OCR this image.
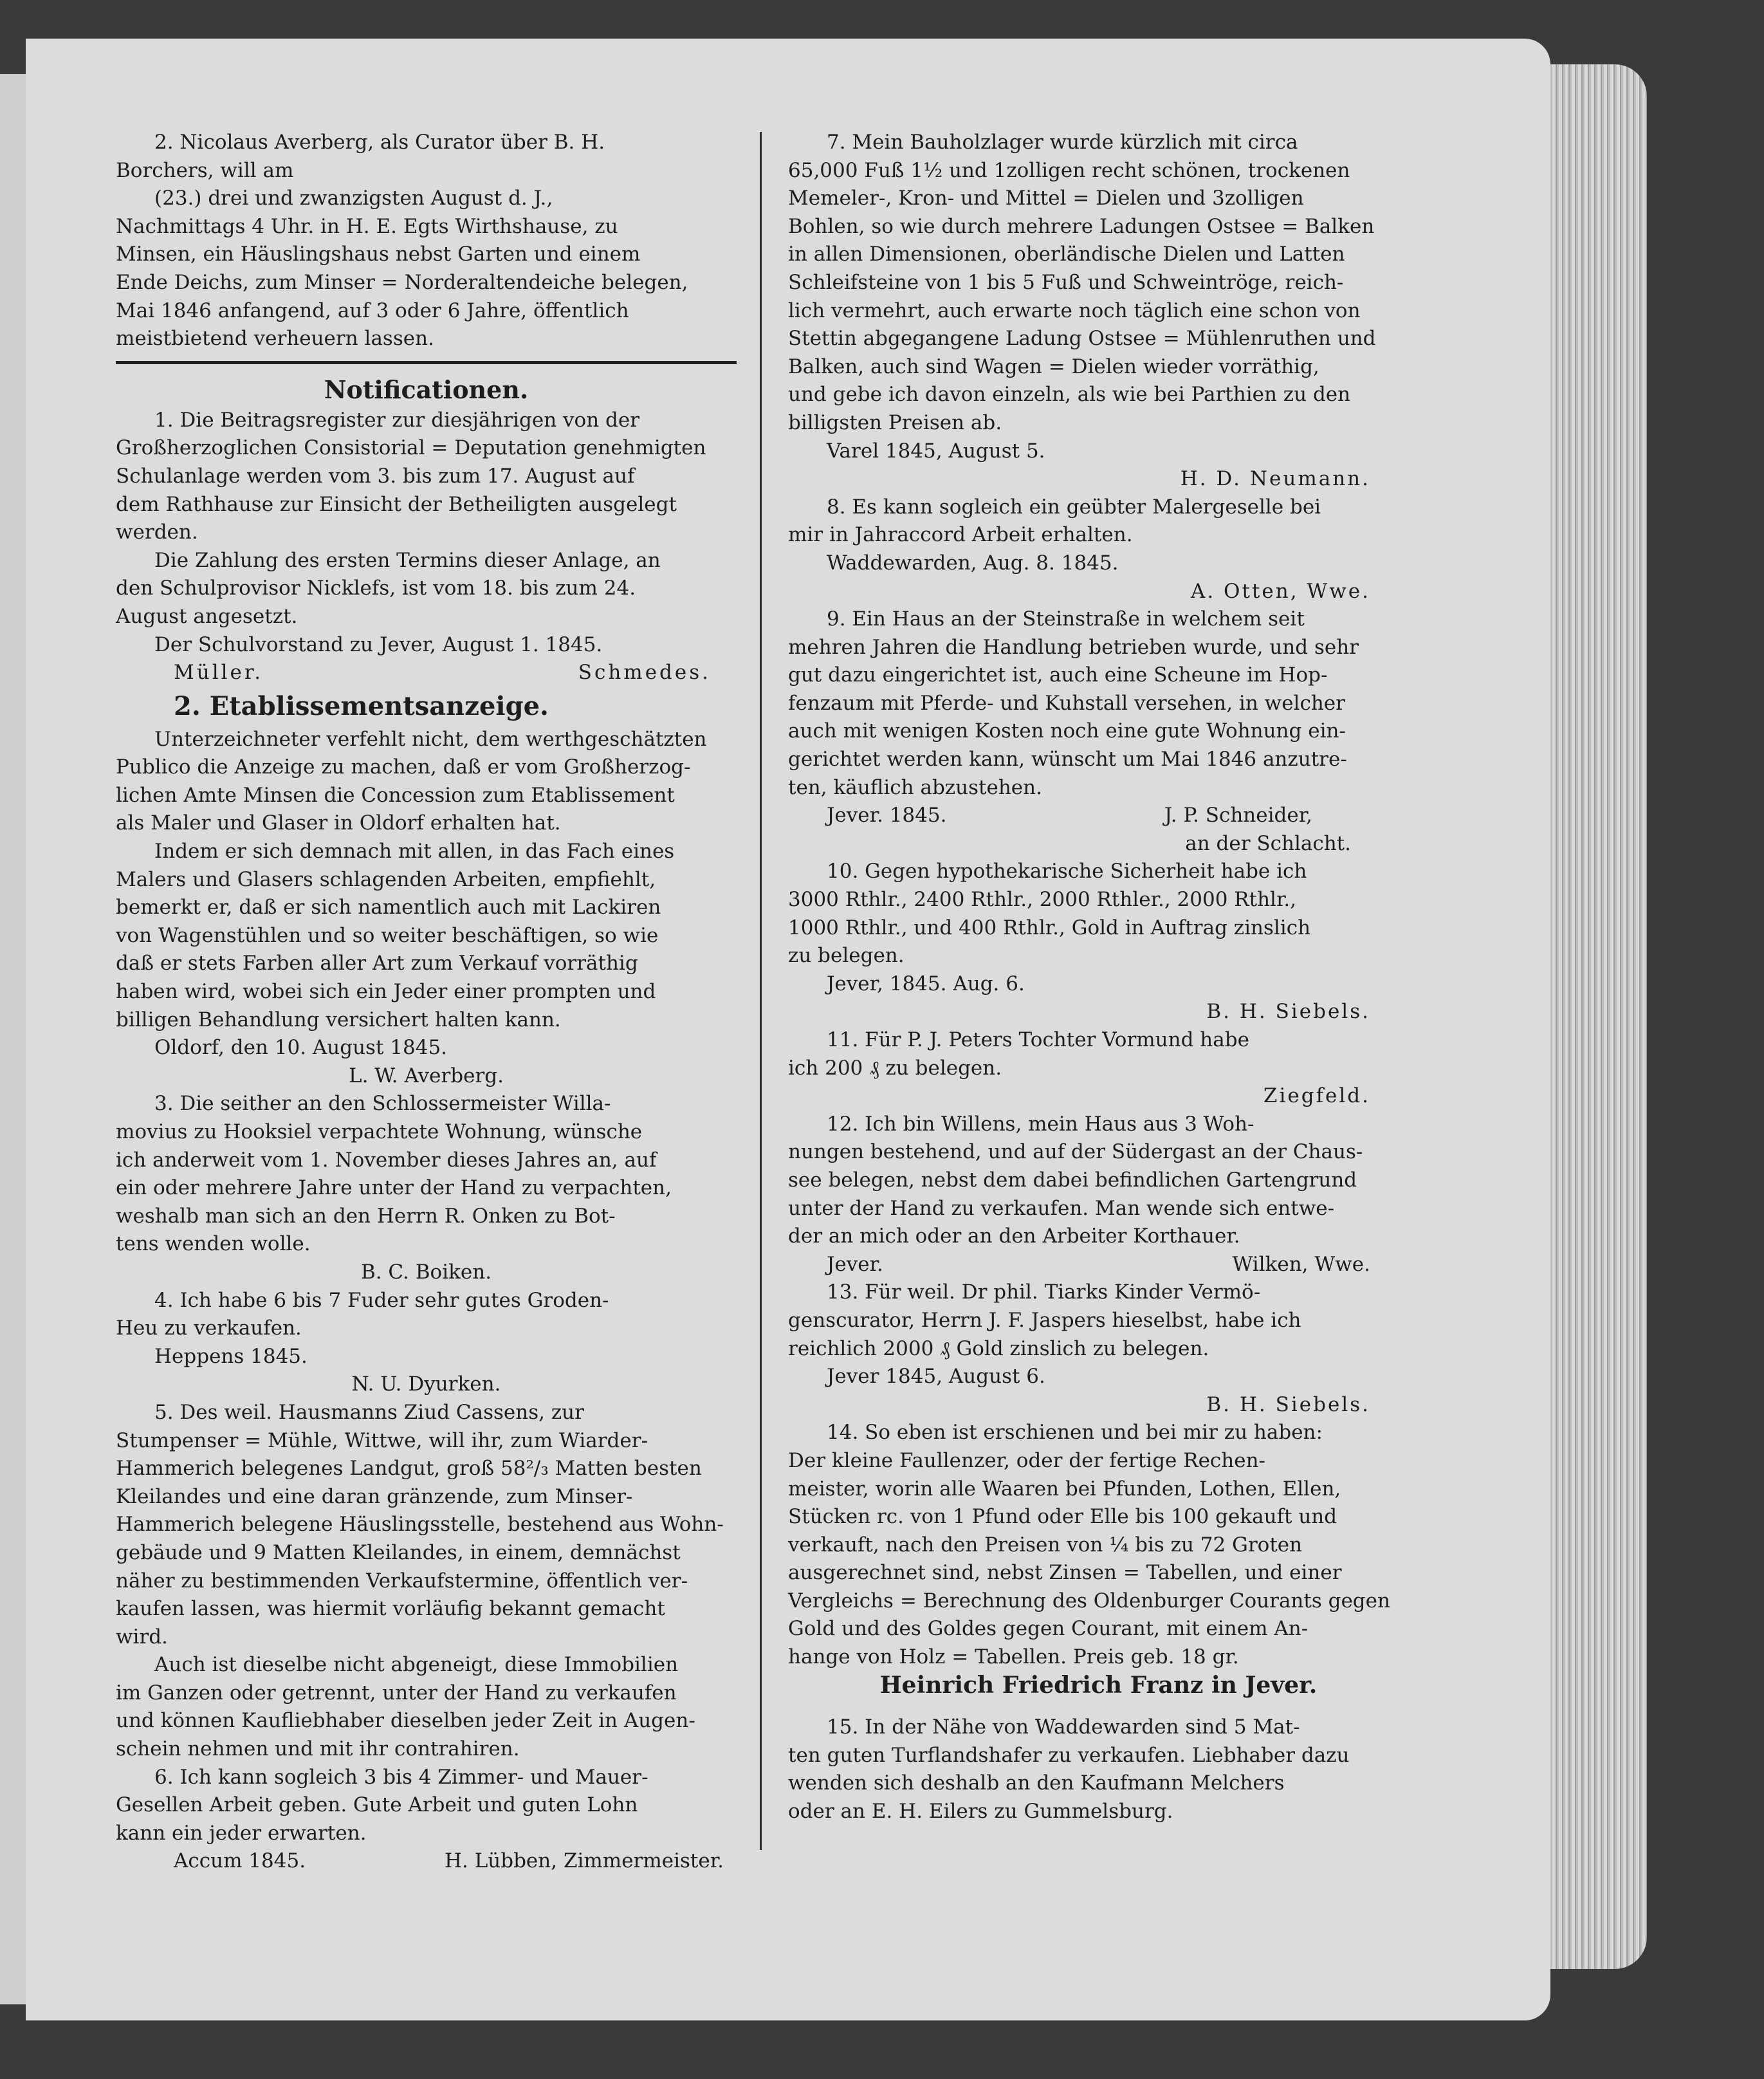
2. Nicolaus Averberg, als Curator über B. H.
Borchers, will am
(23.) drei und zwanzigsten August d. J.,
Nachmittags 4 Uhr. in H. E. Egts Wirthshause, zu
Minsen, ein Häuslingshaus nebst Garten und einem
Ende Deichs, zum Minser = Norderaltendeiche belegen,
Mai 1846 anfangend, auf 3 oder 6 Jahre, öffentlich
meistbietend verheuern lassen.

Notificationen.

1. Die Beitragsregister zur diesjährigen von der
Großherzoglichen Consistorial = Deputation genehmigten
Schulanlage werden vom 3. bis zum 17. August auf
dem Rathhause zur Einsicht der Betheiligten ausgelegt
werden.
Die Zahlung des ersten Termins dieser Anlage, an
den Schulprovisor Nicklefs, ist vom 18. bis zum 24.
August angesetzt.
Der Schulvorstand zu Jever, August 1. 1845.
Müller.	Schmedes.

2. Etablissementsanzeige.

Unterzeichneter verfehlt nicht, dem werthgeschätzten
Publico die Anzeige zu machen, daß er vom Großherzog-
lichen Amte Minsen die Concession zum Etablissement
als Maler und Glaser in Oldorf erhalten hat.
Indem er sich demnach mit allen, in das Fach eines
Malers und Glasers schlagenden Arbeiten, empfiehlt,
bemerkt er, daß er sich namentlich auch mit Lackiren
von Wagenstühlen und so weiter beschäftigen, so wie
daß er stets Farben aller Art zum Verkauf vorräthig
haben wird, wobei sich ein Jeder einer prompten und
billigen Behandlung versichert halten kann.
Oldorf, den 10. August 1845.

L. W. Averberg.

3. Die seither an den Schlossermeister Willa-
movius zu Hooksiel verpachtete Wohnung, wünsche
ich anderweit vom 1. November dieses Jahres an, auf
ein oder mehrere Jahre unter der Hand zu verpachten,
weshalb man sich an den Herrn R. Onken zu Bot-
tens wenden wolle.

B. C. Boiken.

4. Ich habe 6 bis 7 Fuder sehr gutes Groden-
Heu zu verkaufen.
Heppens 1845.

N. U. Dyurken.

5. Des weil. Hausmanns Ziud Cassens, zur
Stumpenser = Mühle, Wittwe, will ihr, zum Wiarder-
Hammerich belegenes Landgut, groß 58²/₃ Matten besten
Kleilandes und eine daran gränzende, zum Minser-
Hammerich belegene Häuslingsstelle, bestehend aus Wohn-
gebäude und 9 Matten Kleilandes, in einem, demnächst
näher zu bestimmenden Verkaufstermine, öffentlich ver-
kaufen lassen, was hiermit vorläufig bekannt gemacht
wird.
Auch ist dieselbe nicht abgeneigt, diese Immobilien
im Ganzen oder getrennt, unter der Hand zu verkaufen
und können Kaufliebhaber dieselben jeder Zeit in Augen-
schein nehmen und mit ihr contrahiren.
6. Ich kann sogleich 3 bis 4 Zimmer- und Mauer-
Gesellen Arbeit geben. Gute Arbeit und guten Lohn
kann ein jeder erwarten.
Accum 1845.	H. Lübben, Zimmermeister.
7. Mein Bauholzlager wurde kürzlich mit circa
65,000 Fuß 1½ und 1zolligen recht schönen, trockenen
Memeler-, Kron- und Mittel = Dielen und 3zolligen
Bohlen, so wie durch mehrere Ladungen Ostsee = Balken
in allen Dimensionen, oberländische Dielen und Latten
Schleifsteine von 1 bis 5 Fuß und Schweintröge, reich-
lich vermehrt, auch erwarte noch täglich eine schon von
Stettin abgegangene Ladung Ostsee = Mühlenruthen und
Balken, auch sind Wagen = Dielen wieder vorräthig,
und gebe ich davon einzeln, als wie bei Parthien zu den
billigsten Preisen ab.
Varel 1845, August 5.

H. D. Neumann.

8. Es kann sogleich ein geübter Malergeselle bei
mir in Jahraccord Arbeit erhalten.
Waddewarden, Aug. 8. 1845.

A. Otten, Wwe.

9. Ein Haus an der Steinstraße in welchem seit
mehren Jahren die Handlung betrieben wurde, und sehr
gut dazu eingerichtet ist, auch eine Scheune im Hop-
fenzaum mit Pferde- und Kuhstall versehen, in welcher
auch mit wenigen Kosten noch eine gute Wohnung ein-
gerichtet werden kann, wünscht um Mai 1846 anzutre-
ten, käuflich abzustehen.
Jever. 1845.	J. P. Schneider,

an der Schlacht.

10. Gegen hypothekarische Sicherheit habe ich
3000 Rthlr., 2400 Rthlr., 2000 Rthler., 2000 Rthlr.,
1000 Rthlr., und 400 Rthlr., Gold in Auftrag zinslich
zu belegen.
Jever, 1845. Aug. 6.

B. H. Siebels.

11. Für P. J. Peters Tochter Vormund habe
ich 200 ₰ zu belegen.

Ziegfeld.

12. Ich bin Willens, mein Haus aus 3 Woh-
nungen bestehend, und auf der Südergast an der Chaus-
see belegen, nebst dem dabei befindlichen Gartengrund
unter der Hand zu verkaufen. Man wende sich entwe-
der an mich oder an den Arbeiter Korthauer.
Jever.	Wilken, Wwe.
13. Für weil. Dr phil. Tiarks Kinder Vermö-
gensc​urator, Herrn J. F. Jaspers hieselbst, habe ich
reichlich 2000 ₰ Gold zinslich zu belegen.
Jever 1845, August 6.

B. H. Siebels.

14. So eben ist erschienen und bei mir zu haben:
Der kleine Faullenzer, oder der fertige Rechen-
meister, worin alle Waaren bei Pfunden, Lothen, Ellen,
Stücken rc. von 1 Pfund oder Elle bis 100 gekauft und
verkauft, nach den Preisen von ¼ bis zu 72 Groten
ausgerechnet sind, nebst Zinsen = Tabellen, und einer
Vergleichs = Berechnung des Oldenburger Courants gegen
Gold und des Goldes gegen Courant, mit einem An-
hange von Holz = Tabellen. Preis geb. 18 gr.

Heinrich Friedrich Franz in Jever.

15. In der Nähe von Waddewarden sind 5 Mat-
ten guten Turflandshafer zu verkaufen. Liebhaber dazu
wenden sich deshalb an den Kaufmann Melchers
oder an E. H. Eilers zu Gummelsburg.
